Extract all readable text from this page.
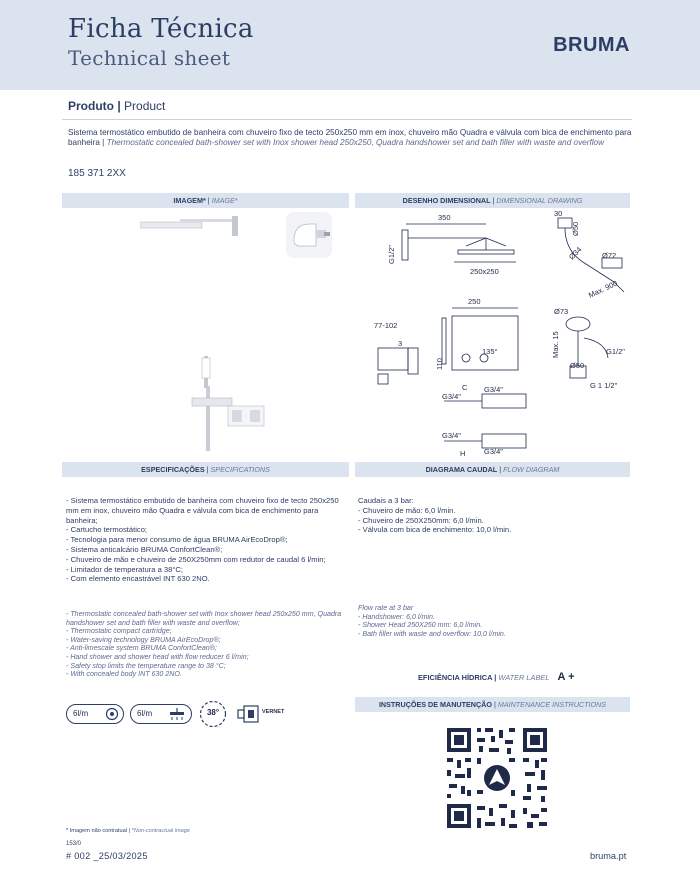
Ficha Técnica
Technical sheet
BRUMA
Produto | Product
Sistema termostático embutido de banheira com chuveiro fixo de tecto 250x250 mm em inox, chuveiro mão Quadra e válvula com bica de enchimento para banheira | Thermostatic concealed bath-shower set with Inox shower head 250x250, Quadra handshower set and bath filler with waste and overflow
185 371 2XX
IMAGEM* | IMAGE*	DESENHO DIMENSIONAL | DIMENSIONAL DRAWING
350
250x250
G1/2"
30
Ø50
Ø34 Ø72
Max. 900
250
77-102
3
135°
110
Ø73
Max. 15	G1/2"
Ø50
G 1 1/2"
C
G3/4"
G3/4"
G3/4"
G3/4"
H
ESPECIFICAÇÕES | SPECIFICATIONS	DIAGRAMA CAUDAL | FLOW DIAGRAM
- Sistema termostático embutido de banheira com chuveiro fixo de tecto 250x250 mm em inox, chuveiro mão Quadra e válvula com bica de enchimento para banheira;
- Cartucho termostático;
- Tecnologia para menor consumo de água BRUMA AirEcoDrop®;
- Sistema anticalcário BRUMA ConfortClean®;
- Chuveiro de mão e chuveiro de 250X250mm com redutor de caudal 6 l/min;
- Limitador de temperatura a 38°C;
- Com elemento encastrável INT 630 2NO.
- Thermostatic concealed bath-shower set with Inox shower head 250x250 mm, Quadra handshower set and bath filler with waste and overflow;
- Thermostatic compact cartridge;
- Water-saving technology BRUMA AirEcoDrop®;
- Anti-limescale system BRUMA ConfortClean®;
- Hand shower and shower head with flow reducer 6 l/min;
- Safety stop limits the temperature range to 38 °C;
- With concealed body INT 630 2NO.
Caudais a 3 bar:
- Chuveiro de mão: 6,0 l/min.
- Chuveiro de 250X250mm: 6,0 l/min.
- Válvula com bica de enchimento: 10,0 l/min.
Flow rate at 3 bar
- Handshower: 6,0 l/min.
- Shower Head 250X250 mm: 6,0 l/min.
- Bath filler with waste and overflow: 10,0 l/min.
EFICIÊNCIA HÍDRICA | WATER LABEL A +
6l/m	6l/m	38°	VERNET
INSTRUÇÕES DE MANUTENÇÃO | MAINTENANCE INSTRUCTIONS
* Imagem não contratual | *Non-contractual image
153/0
# 002 _25/03/2025	bruma.pt
